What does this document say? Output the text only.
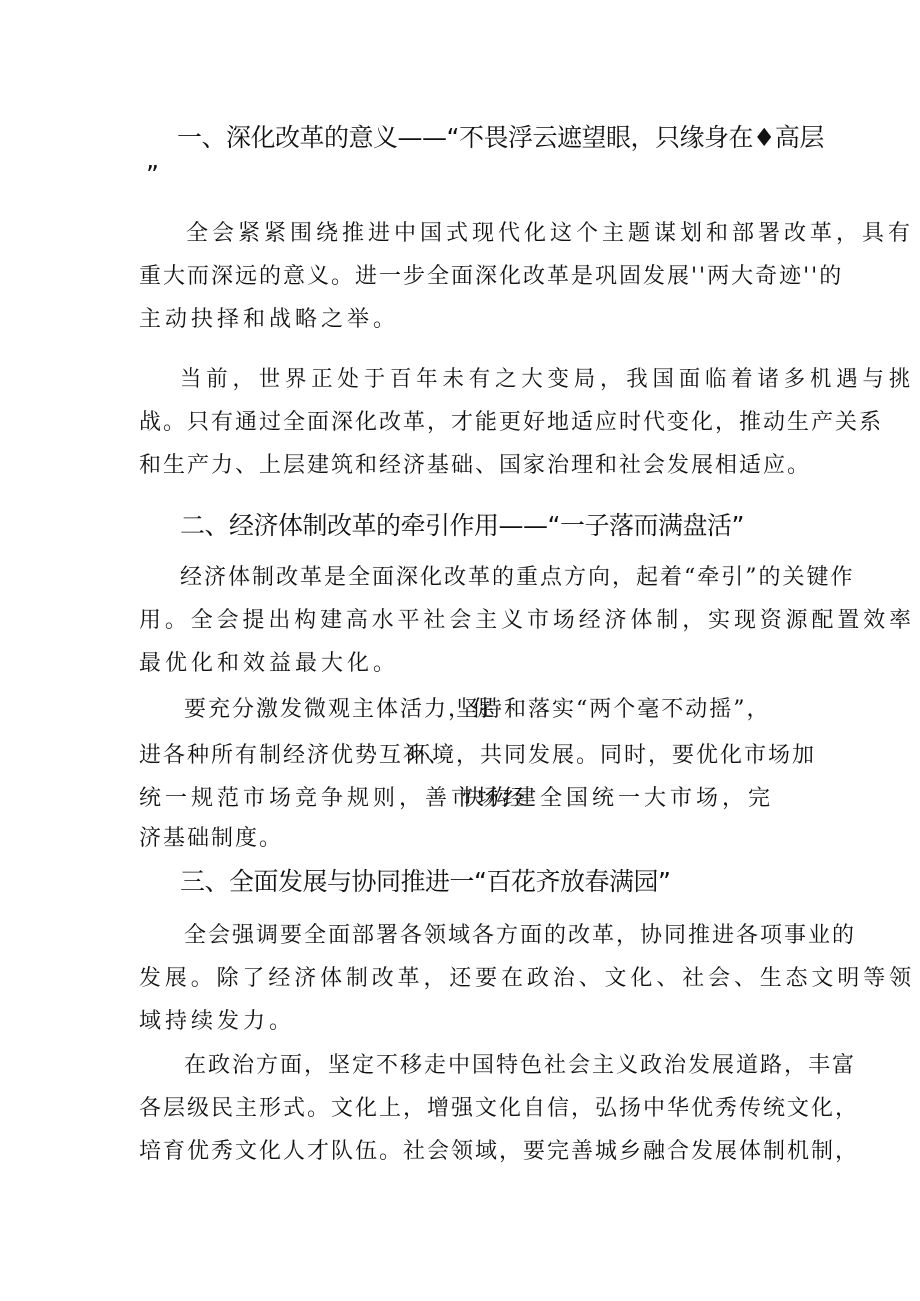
一、深化改革的意义——“不畏浮云遮望眼，只缘身在♦高层
”
全会紧紧围绕推进中国式现代化这个主题谋划和部署改革，具有
重大而深远的意义。进一步全面深化改革是巩固发展''两大奇迹''的
主动抉择和战略之举。
当前，世界正处于百年未有之大变局，我国面临着诸多机遇与挑
战。只有通过全面深化改革，才能更好地适应时代变化，推动生产关系
和生产力、上层建筑和经济基础、国家治理和社会发展相适应。
二、经济体制改革的牵引作用——“一子落而满盘活”
经济体制改革是全面深化改革的重点方向，起着“牵引”的关键作
用。全会提出构建高水平社会主义市场经济体制，实现资源配置效率
最优化和效益最大化。
要充分激发微观主体活力，促
坚持和落实“两个毫不动摇”，
进各种所有制经济优势互补、
环境，共同发展。同时，要优化市场加
统一规范市场竞争规则，善市场经
快构建全国统一大市场，完
济基础制度。
三、全面发展与协同推进一“百花齐放春满园”
全会强调要全面部署各领域各方面的改革，协同推进各项事业的
发展。除了经济体制改革，还要在政治、文化、社会、生态文明等领
域持续发力。
在政治方面，坚定不移走中国特色社会主义政治发展道路，丰富
各层级民主形式。文化上，增强文化自信，弘扬中华优秀传统文化，
培育优秀文化人才队伍。社会领域，要完善城乡融合发展体制机制，
